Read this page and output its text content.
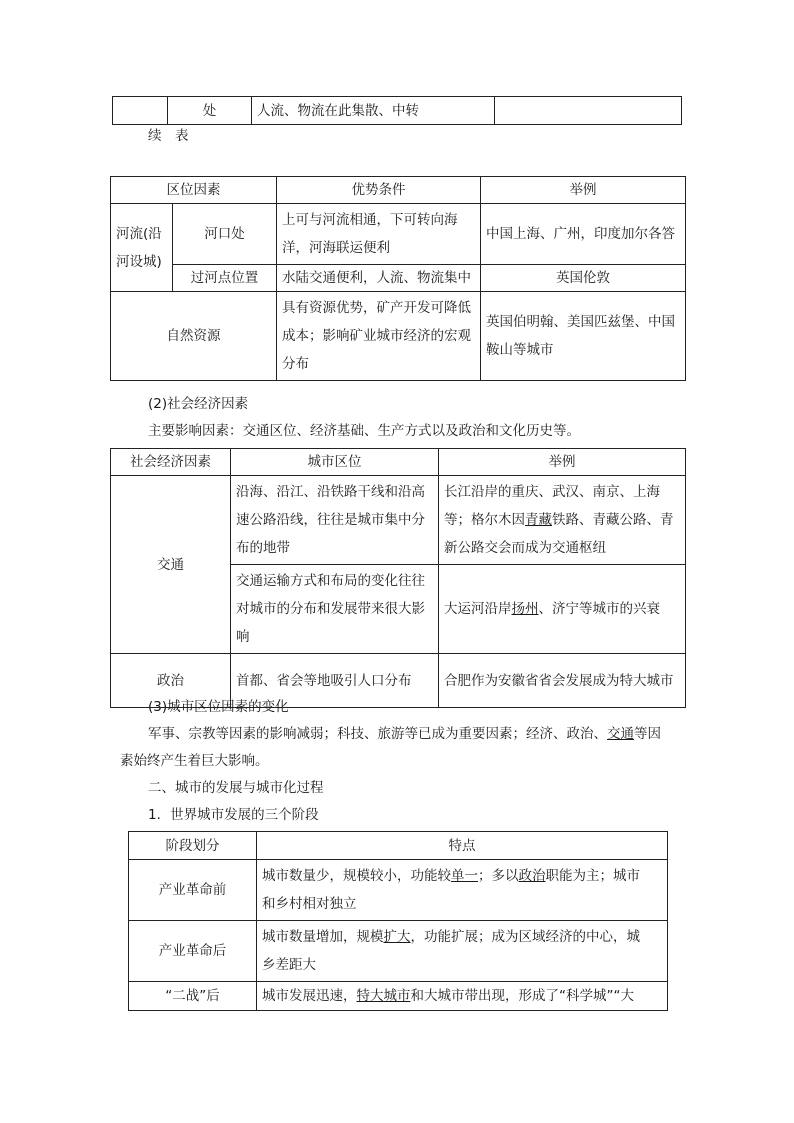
	处	人流、物流在此集散、中转	

续　表

区位因素		优势条件	举例
河流(沿河设城)	河口处	上可与河流相通，下可转向海洋，河海联运便利	中国上海、广州，印度加尔各答
	过河点位置	水陆交通便利，人流、物流集中	英国伦敦
自然资源		具有资源优势，矿产开发可降低成本；影响矿业城市经济的宏观分布	英国伯明翰、美国匹兹堡、中国鞍山等城市

(2)社会经济因素

主要影响因素：交通区位、经济基础、生产方式以及政治和文化历史等。

社会经济因素	城市区位	举例
交通	沿海、沿江、沿铁路干线和沿高速公路沿线，往往是城市集中分布的地带	长江沿岸的重庆、武汉、南京、上海等；格尔木因青藏铁路、青藏公路、青新公路交会而成为交通枢纽
	交通运输方式和布局的变化往往对城市的分布和发展带来很大影响	大运河沿岸扬州、济宁等城市的兴衰
政治	首都、省会等地吸引人口分布	合肥作为安徽省省会发展成为特大城市

(3)城市区位因素的变化

军事、宗教等因素的影响减弱；科技、旅游等已成为重要因素；经济、政治、交通等因

素始终产生着巨大影响。

二、城市的发展与城市化过程

1．世界城市发展的三个阶段

阶段划分	特点
产业革命前	城市数量少，规模较小，功能较单一；多以政治职能为主；城市
和乡村相对独立
产业革命后	城市数量增加，规模扩大，功能扩展；成为区域经济的中心，城
乡差距大
“二战”后	城市发展迅速，特大城市和大城市带出现，形成了“科学城”“大
